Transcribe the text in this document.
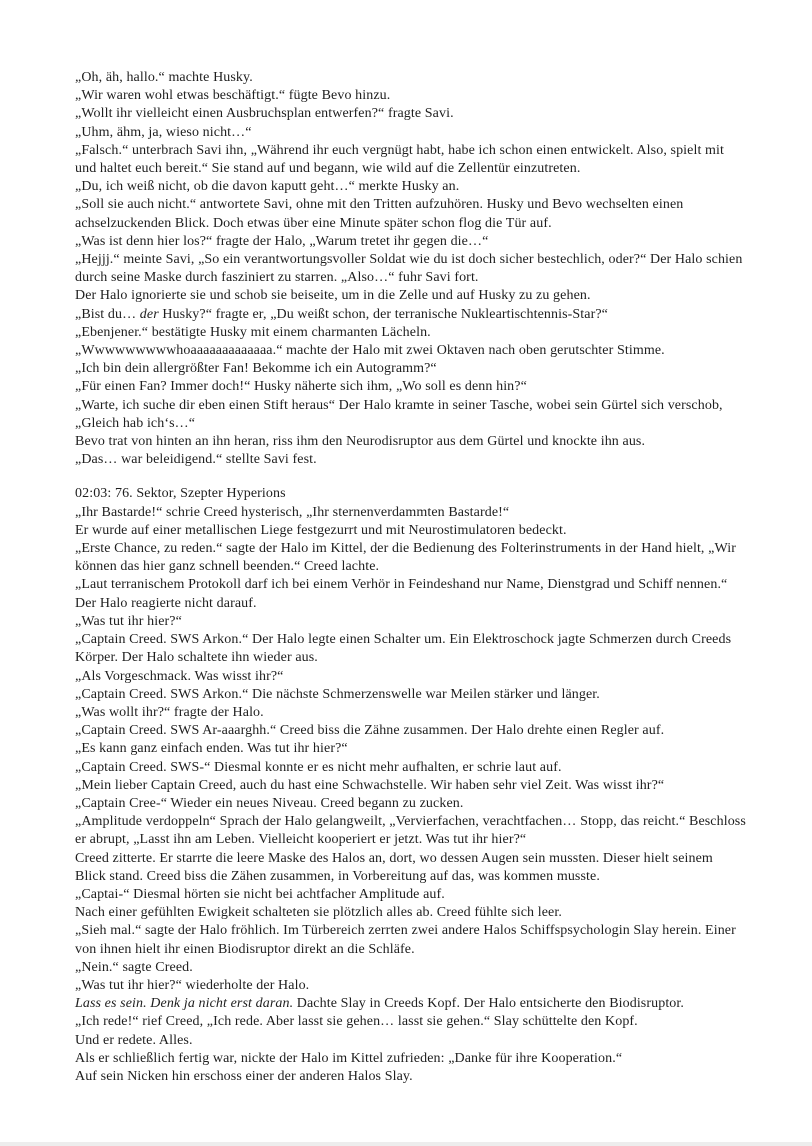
„Oh, äh, hallo.“ machte Husky.

„Wir waren wohl etwas beschäftigt.“ fügte Bevo hinzu.

„Wollt ihr vielleicht einen Ausbruchsplan entwerfen?“ fragte Savi.

„Uhm, ähm, ja, wieso nicht…“

„Falsch.“ unterbrach Savi ihn, „Während ihr euch vergnügt habt, habe ich schon einen entwickelt. Also, spielt mit und haltet euch bereit.“ Sie stand auf und begann, wie wild auf die Zellentür einzutreten.

„Du, ich weiß nicht, ob die davon kaputt geht…“ merkte Husky an.

„Soll sie auch nicht.“ antwortete Savi, ohne mit den Tritten aufzuhören. Husky und Bevo wechselten einen achselzuckenden Blick. Doch etwas über eine Minute später schon flog die Tür auf.

„Was ist denn hier los?“ fragte der Halo, „Warum tretet ihr gegen die…“

„Hejjj.“ meinte Savi, „So ein verantwortungsvoller Soldat wie du ist doch sicher bestechlich, oder?“ Der Halo schien durch seine Maske durch fasziniert zu starren. „Also…“ fuhr Savi fort.

Der Halo ignorierte sie und schob sie beiseite, um in die Zelle und auf Husky zu zu gehen.

„Bist du… der Husky?“ fragte er, „Du weißt schon, der terranische Nukleartischtennis-Star?“

„Ebenjener.“ bestätigte Husky mit einem charmanten Lächeln.

„Wwwwwwwwwhoaaaaaaaaaaaaa.“ machte der Halo mit zwei Oktaven nach oben gerutschter Stimme.

„Ich bin dein allergrößter Fan! Bekomme ich ein Autogramm?“

„Für einen Fan? Immer doch!“ Husky näherte sich ihm, „Wo soll es denn hin?“

„Warte, ich suche dir eben einen Stift heraus“ Der Halo kramte in seiner Tasche, wobei sein Gürtel sich verschob, „Gleich hab ich‘s…“

Bevo trat von hinten an ihn heran, riss ihm den Neurodisruptor aus dem Gürtel und knockte ihn aus.

„Das… war beleidigend.“ stellte Savi fest.

02:03: 76. Sektor, Szepter Hyperions

„Ihr Bastarde!“ schrie Creed hysterisch, „Ihr sternenverdammten Bastarde!“

Er wurde auf einer metallischen Liege festgezurrt und mit Neurostimulatoren bedeckt.

„Erste Chance, zu reden.“ sagte der Halo im Kittel, der die Bedienung des Folterinstruments in der Hand hielt, „Wir können das hier ganz schnell beenden.“ Creed lachte.

„Laut terranischem Protokoll darf ich bei einem Verhör in Feindeshand nur Name, Dienstgrad und Schiff nennen.“ Der Halo reagierte nicht darauf.

„Was tut ihr hier?“

„Captain Creed. SWS Arkon.“ Der Halo legte einen Schalter um. Ein Elektroschock jagte Schmerzen durch Creeds Körper. Der Halo schaltete ihn wieder aus.

„Als Vorgeschmack. Was wisst ihr?“

„Captain Creed. SWS Arkon.“ Die nächste Schmerzenswelle war Meilen stärker und länger.

„Was wollt ihr?“ fragte der Halo.

„Captain Creed. SWS Ar-aaarghh.“ Creed biss die Zähne zusammen. Der Halo drehte einen Regler auf.

„Es kann ganz einfach enden. Was tut ihr hier?“

„Captain Creed. SWS-“ Diesmal konnte er es nicht mehr aufhalten, er schrie laut auf.

„Mein lieber Captain Creed, auch du hast eine Schwachstelle. Wir haben sehr viel Zeit. Was wisst ihr?“

„Captain Cree-“ Wieder ein neues Niveau. Creed begann zu zucken.

„Amplitude verdoppeln“ Sprach der Halo gelangweilt, „Vervierfachen, verachtfachen… Stopp, das reicht.“ Beschloss er abrupt, „Lasst ihn am Leben. Vielleicht kooperiert er jetzt. Was tut ihr hier?“

Creed zitterte. Er starrte die leere Maske des Halos an, dort, wo dessen Augen sein mussten. Dieser hielt seinem Blick stand. Creed biss die Zähen zusammen, in Vorbereitung auf das, was kommen musste.

„Captai-“ Diesmal hörten sie nicht bei achtfacher Amplitude auf.

Nach einer gefühlten Ewigkeit schalteten sie plötzlich alles ab. Creed fühlte sich leer.

„Sieh mal.“ sagte der Halo fröhlich. Im Türbereich zerrten zwei andere Halos Schiffspsychologin Slay herein. Einer von ihnen hielt ihr einen Biodisruptor direkt an die Schläfe.

„Nein.“ sagte Creed.

„Was tut ihr hier?“ wiederholte der Halo.

Lass es sein. Denk ja nicht erst daran. Dachte Slay in Creeds Kopf. Der Halo entsicherte den Biodisruptor.

„Ich rede!“ rief Creed, „Ich rede. Aber lasst sie gehen… lasst sie gehen.“ Slay schüttelte den Kopf.

Und er redete. Alles.

Als er schließlich fertig war, nickte der Halo im Kittel zufrieden: „Danke für ihre Kooperation.“

Auf sein Nicken hin erschoss einer der anderen Halos Slay.
